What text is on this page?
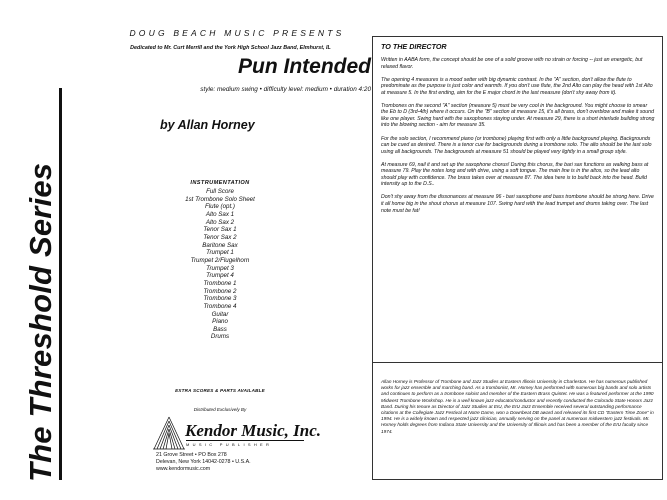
The Threshold Series
DOUG BEACH MUSIC PRESENTS
Dedicated to Mr. Curt Merrill and the York High School Jazz Band, Elmhurst, IL
Pun Intended
style: medium swing • difficulty level: medium • duration 4:20
by Allan Horney
INSTRUMENTATION
Full Score
1st Trombone Solo Sheet
Flute (opt.)
Alto Sax 1
Alto Sax 2
Tenor Sax 1
Tenor Sax 2
Baritone Sax
Trumpet 1
Trumpet 2/Flugelhorn
Trumpet 3
Trumpet 4
Trombone 1
Trombone 2
Trombone 3
Trombone 4
Guitar
Piano
Bass
Drums
EXTRA SCORES & PARTS AVAILABLE
Distributed Exclusively By
Kendor Music, Inc.
MUSIC PUBLISHER
21 Grove Street • PO Box 278
Delevan, New York 14042-0278 • U.S.A.
www.kendormusic.com
TO THE DIRECTOR

Written in AABA form, the concept should be one of a solid groove with no strain or forcing -- just an energetic, but relaxed flavor.

The opening 4 measures is a mood setter with big dynamic contrast. In the "A" section, don't allow the flute to predominate as the purpose is just color and warmth. If you don't use flute, the 2nd Alto can play the head with 1st Alto at measure 5. In the first ending, aim for the E major chord in the last measure (don't shy away from it).

Trombones on the second "A" section (measure 5) must be very cool in the background. You might choose to smear the Eb to D (3rd-4th) where it occurs. On the "B" section at measure 15, it's all brass, don't overblow and make it sound like one player. Swing hard with the saxophones staying under. At measure 29, there is a short interlude building strong into the blowing section - aim for measure 35.

For the solo section, I recommend piano (or trombone) playing first with only a little background playing. Backgrounds can be cued as desired. There is a tenor cue for backgrounds during a trombone solo. The alto should be the last solo using all backgrounds. The backgrounds at measure 51 should be played very lightly in a small group style.

At measure 69, nail it and set up the saxophone chorus! During this chorus, the bari sax functions as walking bass at measure 79. Play the notes long and with drive, using a soft tongue. The main line is in the altos, so the lead alto should play with confidence. The brass takes over at measure 87. The idea here is to build back into the head. Build intensity up to the D.S..

Don't shy away from the dissonances at measure 96 - bari saxophone and bass trombone should be strong here. Drive it all home big in the shout chorus at measure 107. Swing hard with the lead trumpet and drums taking over. The last note must be fat!

Allan Horney is Professor of Trombone and Jazz Studies at Eastern Illinois University in Charleston. He has numerous published works for jazz ensemble and marching band. As a trombonist, Mr. Horney has performed with numerous big bands and solo artists and continues to perform as a trombone soloist and member of the Eastern Brass Quintet. He was a featured performer at the 1990 Midwest Trombone Workshop. He is a well known jazz educator/conductor and recently conducted the Colorado State Honors Jazz Band. During his tenure as Director of Jazz Studies at EIU, the EIU Jazz Ensemble received several outstanding performance citations at the Collegiate Jazz Festival at Notre Dame, won a Downbeat DB award and released its first CD "Eastern Time Zone" in 1994. He is a widely known and respected jazz clinician, annually serving on the panel at numerous midwestern jazz festivals. Mr. Horney holds degrees from Indiana State University and the University of Illinois and has been a member of the EIU faculty since 1974.
